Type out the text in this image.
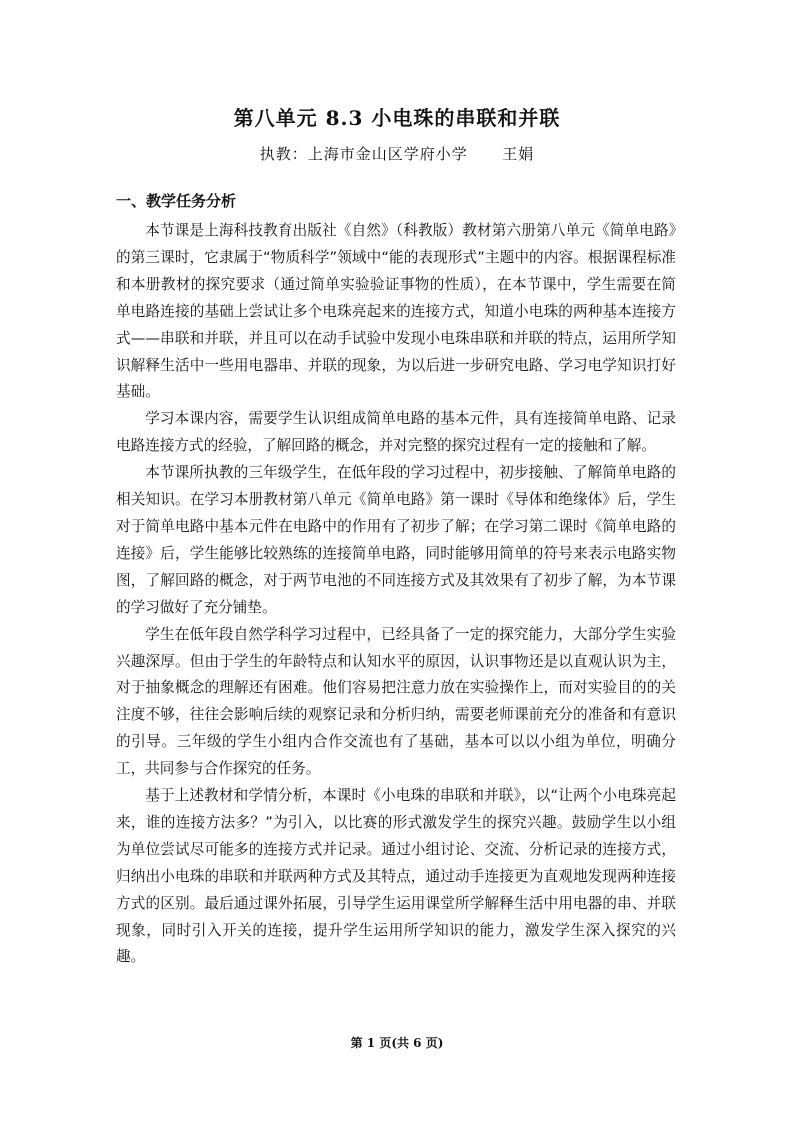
第八单元 8.3 小电珠的串联和并联
执教：上海市金山区学府小学      王娟
一、教学任务分析

本节课是上海科技教育出版社《自然》（科教版）教材第六册第八单元《简单电路》的第三课时，它隶属于“物质科学”领域中“能的表现形式”主题中的内容。根据课程标准和本册教材的探究要求（通过简单实验验证事物的性质），在本节课中，学生需要在简单电路连接的基础上尝试让多个电珠亮起来的连接方式，知道小电珠的两种基本连接方式——串联和并联，并且可以在动手试验中发现小电珠串联和并联的特点，运用所学知识解释生活中一些用电器串、并联的现象，为以后进一步研究电路、学习电学知识打好基础。

学习本课内容，需要学生认识组成简单电路的基本元件，具有连接简单电路、记录电路连接方式的经验，了解回路的概念，并对完整的探究过程有一定的接触和了解。

本节课所执教的三年级学生，在低年段的学习过程中，初步接触、了解简单电路的相关知识。在学习本册教材第八单元《简单电路》第一课时《导体和绝缘体》后，学生对于简单电路中基本元件在电路中的作用有了初步了解；在学习第二课时《简单电路的连接》后，学生能够比较熟练的连接简单电路，同时能够用简单的符号来表示电路实物图，了解回路的概念，对于两节电池的不同连接方式及其效果有了初步了解，为本节课的学习做好了充分铺垫。

学生在低年段自然学科学习过程中，已经具备了一定的探究能力，大部分学生实验兴趣深厚。但由于学生的年龄特点和认知水平的原因，认识事物还是以直观认识为主，对于抽象概念的理解还有困难。他们容易把注意力放在实验操作上，而对实验目的的关注度不够，往往会影响后续的观察记录和分析归纳，需要老师课前充分的准备和有意识的引导。三年级的学生小组内合作交流也有了基础，基本可以以小组为单位，明确分工，共同参与合作探究的任务。

基于上述教材和学情分析，本课时《小电珠的串联和并联》，以“让两个小电珠亮起来，谁的连接方法多？”为引入，以比赛的形式激发学生的探究兴趣。鼓励学生以小组为单位尝试尽可能多的连接方式并记录。通过小组讨论、交流、分析记录的连接方式，归纳出小电珠的串联和并联两种方式及其特点，通过动手连接更为直观地发现两种连接方式的区别。最后通过课外拓展，引导学生运用课堂所学解释生活中用电器的串、并联现象，同时引入开关的连接，提升学生运用所学知识的能力，激发学生深入探究的兴趣。

第 1 页(共 6 页)
